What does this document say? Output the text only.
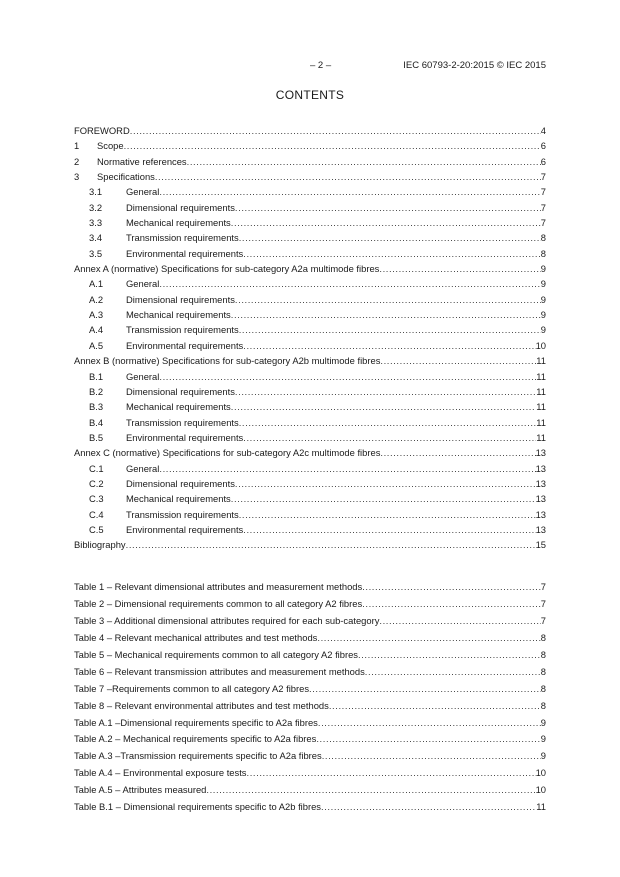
– 2 –	IEC 60793-2-20:2015 © IEC 2015
CONTENTS
FOREWORD .....	4
1	Scope .....	6
2	Normative references .....	6
3	Specifications .....	7
3.1	General .....	7
3.2	Dimensional requirements .....	7
3.3	Mechanical requirements .....	7
3.4	Transmission requirements .....	8
3.5	Environmental requirements .....	8
Annex A (normative) Specifications for sub-category A2a multimode fibres .....	9
A.1	General .....	9
A.2	Dimensional requirements .....	9
A.3	Mechanical requirements .....	9
A.4	Transmission requirements .....	9
A.5	Environmental requirements .....	10
Annex B (normative) Specifications for sub-category A2b multimode fibres .....	11
B.1	General .....	11
B.2	Dimensional requirements .....	11
B.3	Mechanical requirements .....	11
B.4	Transmission requirements .....	11
B.5	Environmental requirements .....	11
Annex C (normative) Specifications for sub-category A2c multimode fibres .....	13
C.1	General .....	13
C.2	Dimensional requirements .....	13
C.3	Mechanical requirements .....	13
C.4	Transmission requirements .....	13
C.5	Environmental requirements .....	13
Bibliography .....	15
Table 1 – Relevant dimensional attributes and measurement methods .....	7
Table 2 – Dimensional requirements common to all category A2 fibres .....	7
Table 3 – Additional dimensional attributes required for each sub-category .....	7
Table 4 – Relevant mechanical attributes and test methods .....	8
Table 5 – Mechanical requirements common to all category A2 fibres .....	8
Table 6 – Relevant transmission attributes and measurement methods .....	8
Table 7 –Requirements common to all category A2 fibres .....	8
Table 8 – Relevant environmental attributes and test methods .....	8
Table A.1 –Dimensional requirements specific to A2a fibres .....	9
Table A.2 – Mechanical requirements specific to A2a fibres .....	9
Table A.3 –Transmission requirements specific to A2a fibres .....	9
Table A.4 – Environmental exposure tests .....	10
Table A.5 – Attributes measured .....	10
Table B.1 – Dimensional requirements specific to A2b fibres .....	11
